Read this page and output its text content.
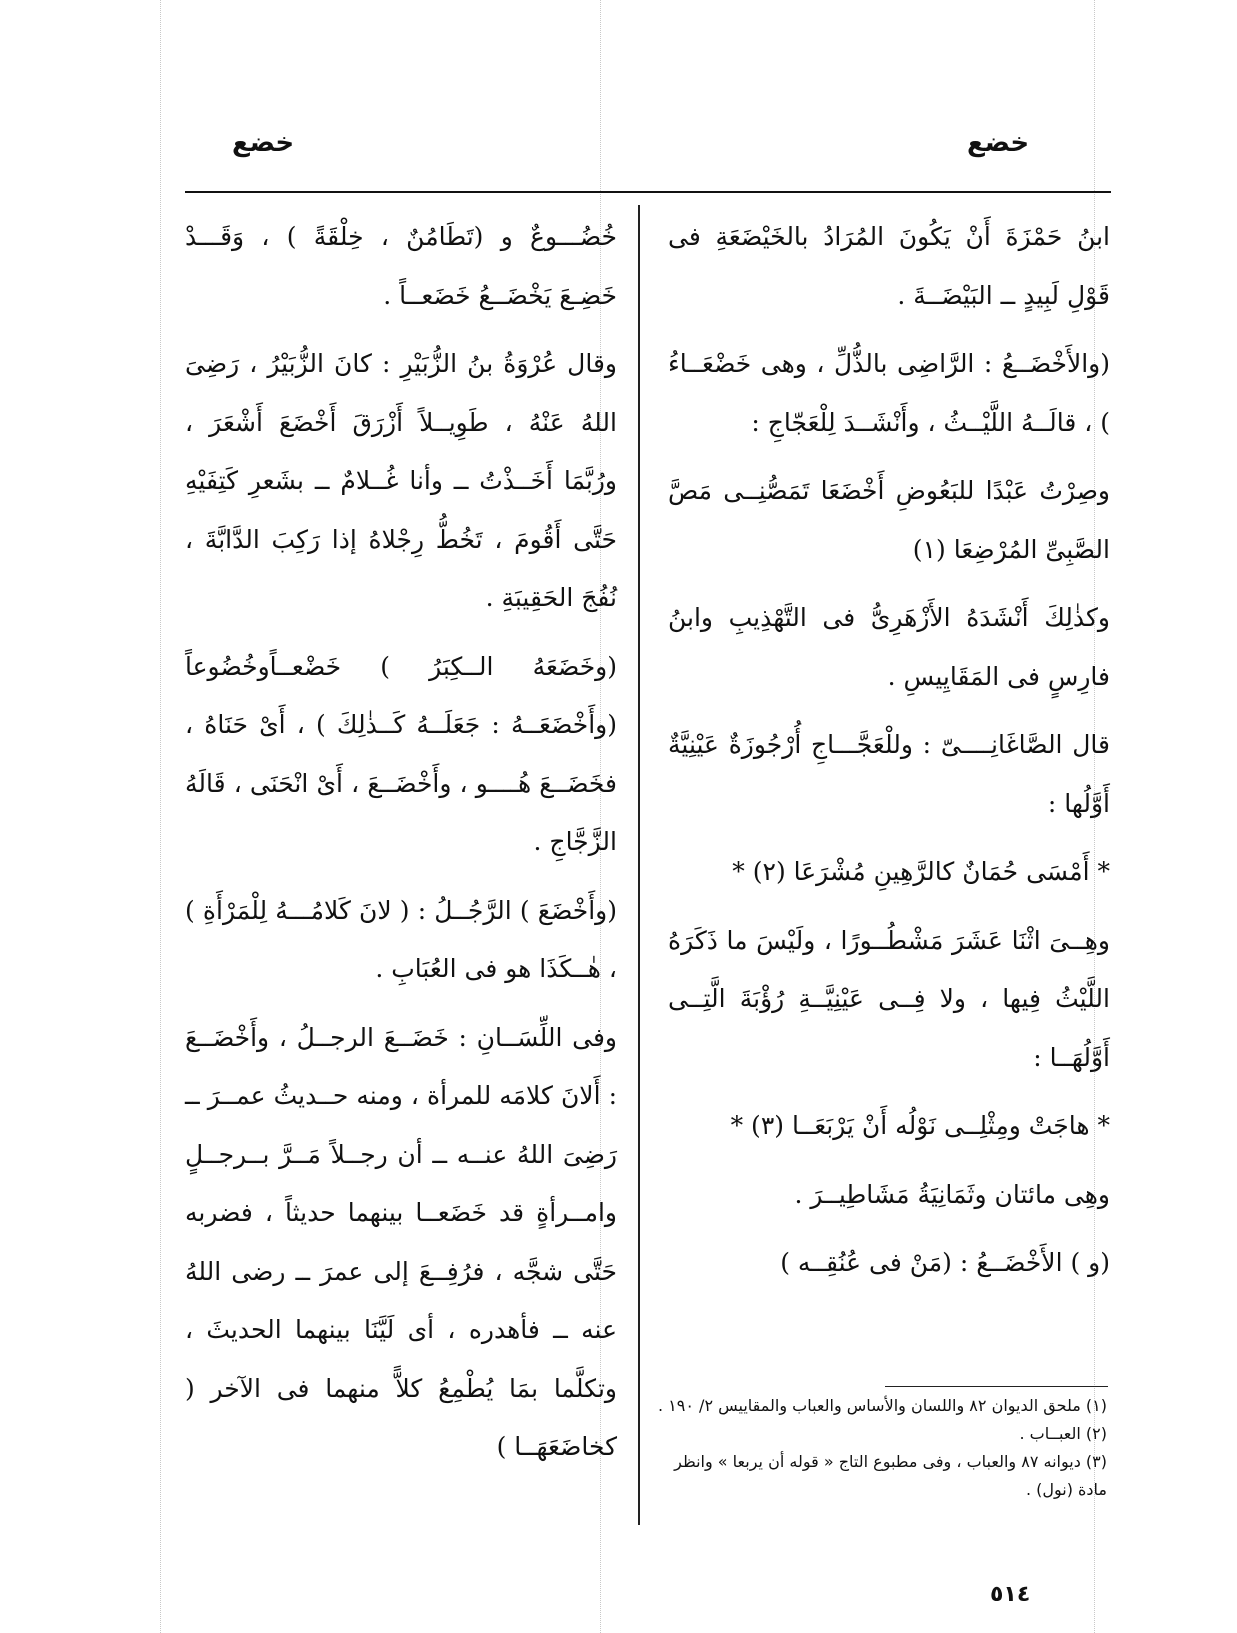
خضع
خضع

ابنُ حَمْزَةَ أَنْ يَكُونَ المُرَادُ بالخَيْضَعَةِ فى قَوْلِ لَبِيدٍ ــ البَيْضَــةَ .

(والأَخْضَــعُ : الرَّاضِى بالذُّلِّ ، وهى خَضْعَــاءُ ) ، قالَــهُ اللَّيْــثُ ، وأَنْشَــدَ لِلْعَجّاجِ :

وصِرْتُ عَبْدًا للبَعُوضِ أَخْضَعَا تَمَصُّنِــى مَصَّ الصَّبِىِّ المُرْضِعَا (١)

وكذٰلِكَ أَنْشَدَهُ الأَزْهَرِىُّ فى التَّهْذِيبِ وابنُ فارِسٍ فى المَقَايِيسِ .

قال الصَّاغَانِــــىّ : وللْعَجَّـــاجِ أُرْجُوزَةٌ عَيْنِيَّةٌ أَوَّلُها :

* أَمْسَى حُمَانٌ كالرَّهِينِ مُشْرَعَا (٢) *

وهِــىَ اثْنَا عَشَرَ مَشْطُــورًا ، ولَيْسَ ما ذَكَرَهُ اللَّيْثُ فِيها ، ولا فِــى عَيْنِيَّــةِ رُؤْبَةَ الَّتِــى أَوَّلُهَــا :

* هاجَتْ ومِثْلِــى نَوْلُه أَنْ يَرْبَعَــا (٣) *

وهِى مائتان وثَمَانِيَةُ مَشَاطِيــرَ .

(و ) الأَخْضَــعُ : (مَنْ فى عُنُقِــه )

خُضُـــوعٌ و (تَطَامُنٌ ، خِلْقَةً ) ، وَقَـــدْ خَضِـعَ يَخْضَــعُ خَضَعــاً .

وقال عُرْوَةُ بنُ الزُّبَيْرِ : كانَ الزُّبَيْرُ ، رَضِىَ اللهُ عَنْهُ ، طَوِيــلاً أَزْرَقَ أَخْضَعَ أَشْعَرَ ، ورُبَّمَا أَخَــذْتُ ــ وأنا غُــلامٌ ــ بشَعرِ كَتِفَيْهِ حَتَّى أَقُومَ ، تَخُطُّ رِجْلاهُ إذا رَكِبَ الدَّابَّةَ ، نُفُجَ الحَقِيبَةِ .

(وخَضَعَهُ الــكِبَرُ ) خَضْعــاًوخُضُوعاً (وأَخْضَعَــهُ : جَعَلَــهُ كَــذٰلِكَ ) ، أَىْ حَنَاهُ ، فخَضَــعَ هُــــو ، وأَخْضَــعَ ، أَىْ انْحَنَى ، قَالَهُ الزَّجَّاجِ .

(وأَخْضَعَ ) الرَّجُــلُ : ( لانَ كَلامُـــهُ لِلْمَرْأَةِ ) ، هٰــكَذَا هو فى العُبَابِ .

وفى اللِّسَــانِ : خَضَــعَ الرجــلُ ، وأَخْضَــعَ : أَلانَ كلامَه للمرأة ، ومنه حــديثُ عمــرَ ــ رَضِىَ اللهُ عنــه ــ أن رجــلاً مَــرَّ بــرجــلٍ وامــرأةٍ قد خَضَعــا بينهما حديثاً ، فضربه حَتَّى شجَّه ، فرُفِــعَ إلى عمرَ ــ رضى اللهُ عنه ــ فأهدره ، أى لَيَّنَا بينهما الحديثَ ، وتكلَّما بمَا يُطْمِعُ كلاًّ منهما فى الآخر ( كخاضَعَهَــا )

(١) ملحق الديوان ٨٢ واللسان والأساس والعباب والمقاييس ٢/ ١٩٠ .

(٢) العبــاب .

(٣) ديوانه ٨٧ والعباب ، وفى مطبوع التاج « قوله أن يربعا » وانظر مادة (نول) .

٥١٤
